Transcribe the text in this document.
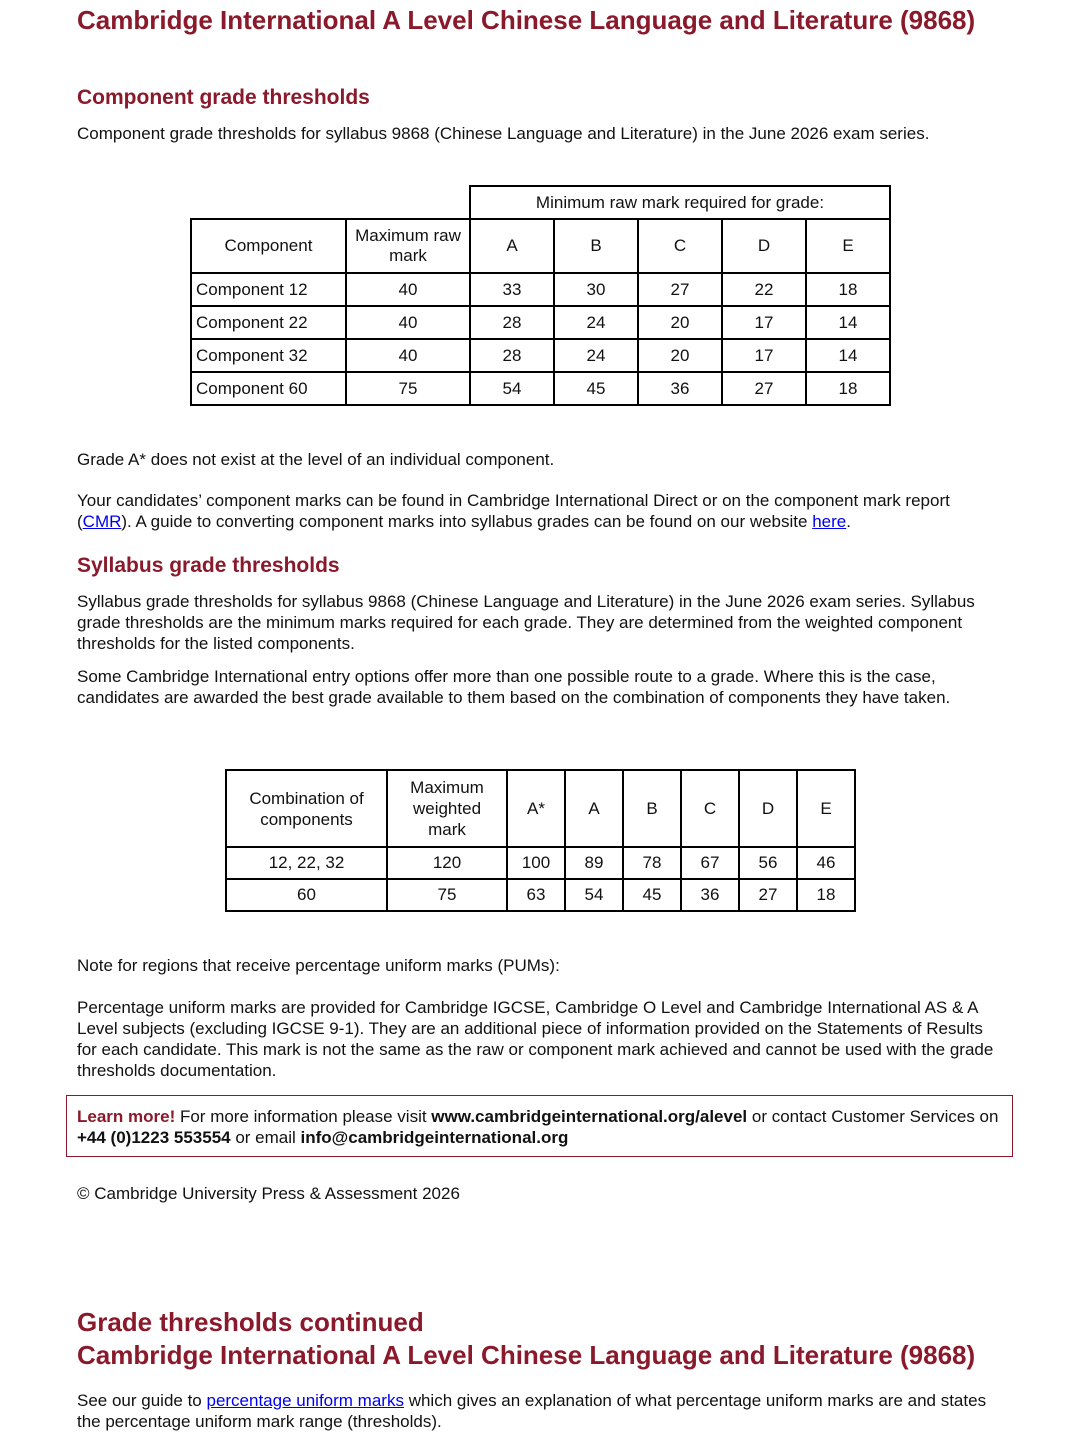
Cambridge International A Level Chinese Language and Literature (9868)
Component grade thresholds

Component grade thresholds for syllabus 9868 (Chinese Language and Literature) in the June 2026 exam series.

		Minimum raw mark required for grade:				
Component	Maximum raw mark	A	B	C	D	E
Component 12	40	33	30	27	22	18
Component 22	40	28	24	20	17	14
Component 32	40	28	24	20	17	14
Component 60	75	54	45	36	27	18

Grade A* does not exist at the level of an individual component.

Your candidates’ component marks can be found in Cambridge International Direct or on the component mark report (CMR). A guide to converting component marks into syllabus grades can be found on our website here.

Syllabus grade thresholds

Syllabus grade thresholds for syllabus 9868 (Chinese Language and Literature) in the June 2026 exam series. Syllabus grade thresholds are the minimum marks required for each grade. They are determined from the weighted component thresholds for the listed components.

Some Cambridge International entry options offer more than one possible route to a grade. Where this is the case, candidates are awarded the best grade available to them based on the combination of components they have taken.

Combination of components	Maximum weighted mark	A*	A	B	C	D	E
12, 22, 32	120	100	89	78	67	56	46
60	75	63	54	45	36	27	18

Note for regions that receive percentage uniform marks (PUMs):

Percentage uniform marks are provided for Cambridge IGCSE, Cambridge O Level and Cambridge International AS & A Level subjects (excluding IGCSE 9-1). They are an additional piece of information provided on the Statements of Results for each candidate. This mark is not the same as the raw or component mark achieved and cannot be used with the grade thresholds documentation.

Learn more! For more information please visit www.cambridgeinternational.org/alevel or contact Customer Services on +44 (0)1223 553554 or email info@cambridgeinternational.org

© Cambridge University Press & Assessment 2026

Grade thresholds continued
Cambridge International A Level Chinese Language and Literature (9868)

See our guide to percentage uniform marks which gives an explanation of what percentage uniform marks are and states the percentage uniform mark range (thresholds).
